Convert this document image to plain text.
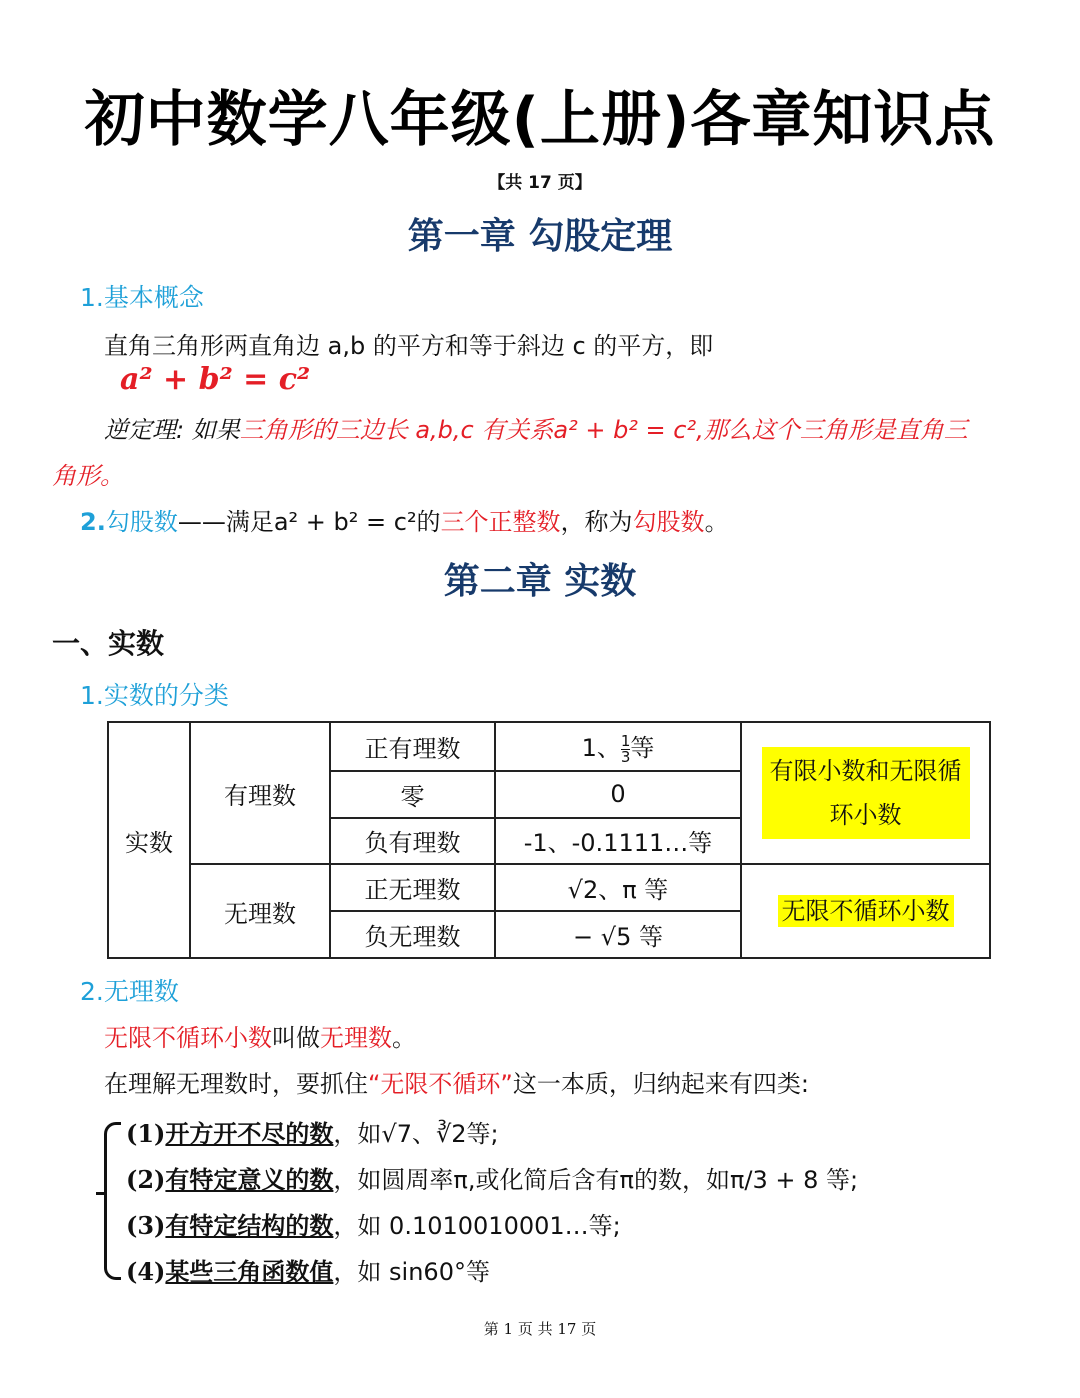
初中数学八年级(上册)各章知识点
【共 17 页】
第一章 勾股定理
1.基本概念
直角三角形两直角边 a,b 的平方和等于斜边 c 的平方，即
a² + b² = c²
逆定理: 如果三角形的三边长 a,b,c 有关系a² + b² = c²,那么这个三角形是直角三
角形。
2.勾股数——满足a² + b² = c²的三个正整数，称为勾股数。
第二章 实数
一、实数
1.实数的分类
实数	有理数	正有理数	1、 $\frac{1}{3}$ 等	有限小数和无限循环小数
		零	0	
		负有理数	-1、-0.1111…等	
	无理数	正无理数	√2、π 等	无限不循环小数
		负无理数	− √5 等	
2.无理数
无限不循环小数叫做无理数。
在理解无理数时，要抓住“无限不循环”这一本质，归纳起来有四类:
(1)开方开不尽的数，如√7、∛2等;
(2)有特定意义的数，如圆周率π,或化简后含有π的数，如π/3 + 8 等;
(3)有特定结构的数，如 0.1010010001…等;
(4)某些三角函数值，如 sin60°等
第 1 页 共 17 页
